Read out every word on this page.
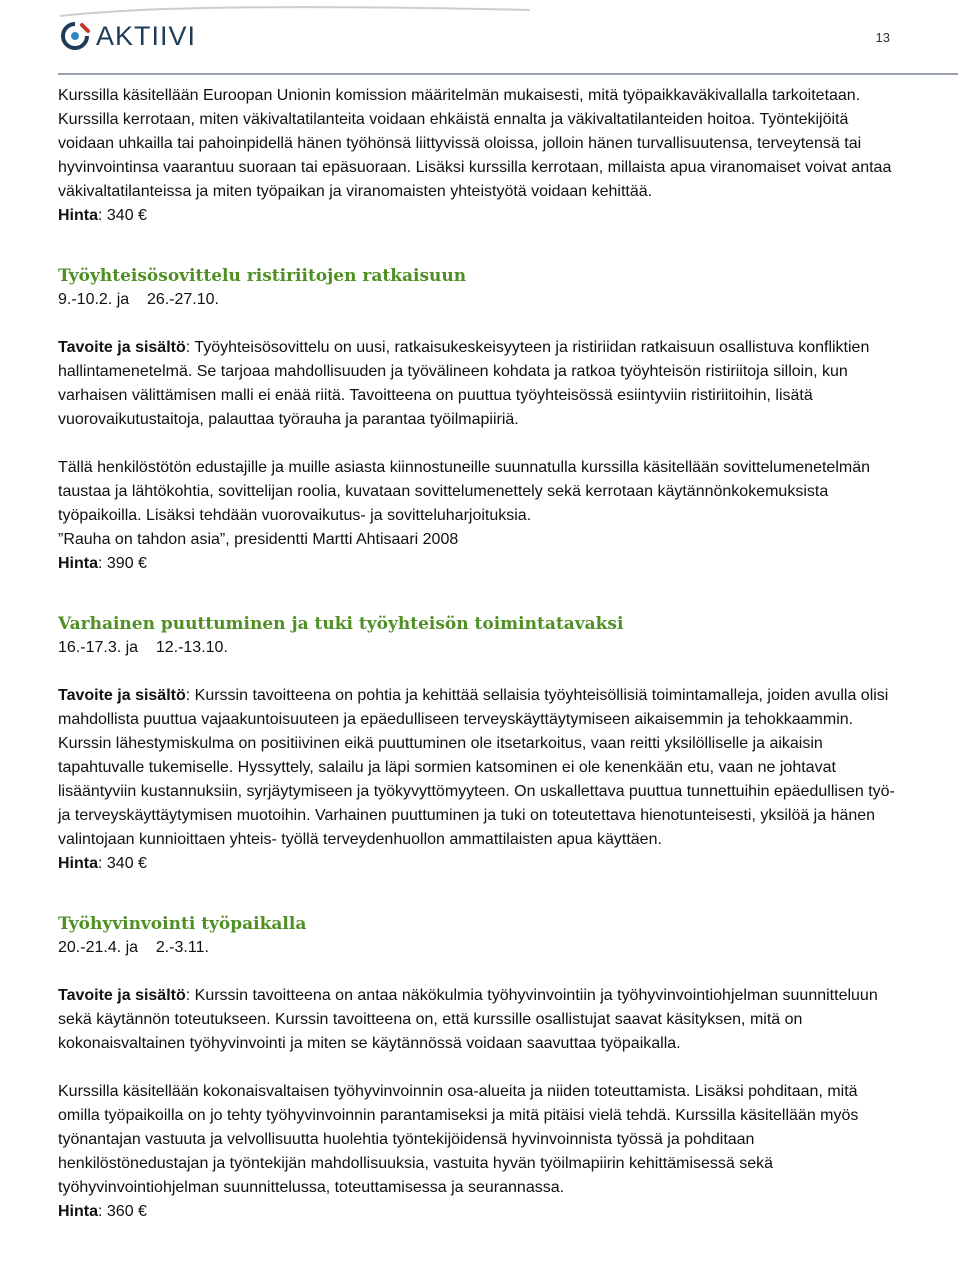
AKTIIVI	13

Kurssilla käsitellään Euroopan Unionin komission määritelmän mukaisesti, mitä työpaikkaväkivallalla tarkoitetaan. Kurssilla kerrotaan, miten väkivaltatilanteita voidaan ehkäistä ennalta ja väkivaltatilanteiden hoitoa. Työntekijöitä voidaan uhkailla tai pahoinpidellä hänen työhönsä liittyvissä oloissa, jolloin hänen turvallisuutensa, terveytensä tai hyvinvointinsa vaarantuu suoraan tai epäsuoraan. Lisäksi kurssilla kerrotaan, millaista apua viranomaiset voivat antaa väkivaltatilanteissa ja miten työpaikan ja viranomaisten yhteistyötä voidaan kehittää.

Hinta: 340 €

Työyhteisösovittelu ristiriitojen ratkaisuun

9.-10.2. ja    26.-27.10.

Tavoite ja sisältö: Työyhteisösovittelu on uusi, ratkaisukeskeisyyteen ja ristiriidan ratkaisuun osallistuva konfliktien hallintamenetelmä. Se tarjoaa mahdollisuuden ja työvälineen kohdata ja ratkoa työyhteisön ristiriitoja silloin, kun varhaisen välittämisen malli ei enää riitä. Tavoitteena on puuttua työyhteisössä esiintyviin ristiriitoihin, lisätä vuorovaikutustaitoja, palauttaa työrauha ja parantaa työilmapiiriä.

Tällä henkilöstötön edustajille ja muille asiasta kiinnostuneille suunnatulla kurssilla käsitellään sovittelumenetelmän taustaa ja lähtökohtia, sovittelijan roolia, kuvataan sovittelumenettely sekä kerrotaan käytännönkokemuksista työpaikoilla. Lisäksi tehdään vuorovaikutus- ja sovitteluharjoituksia.

”Rauha on tahdon asia”, presidentti Martti Ahtisaari 2008

Hinta: 390 €

Varhainen puuttuminen ja tuki työyhteisön toimintatavaksi

16.-17.3. ja    12.-13.10.

Tavoite ja sisältö: Kurssin tavoitteena on pohtia ja kehittää sellaisia työyhteisöllisiä toimintamalleja, joiden avulla olisi mahdollista puuttua vajaakuntoisuuteen ja epäedulliseen terveyskäyttäytymiseen aikaisemmin ja tehokkaammin. Kurssin lähestymiskulma on positiivinen eikä puuttuminen ole itsetarkoitus, vaan reitti yksilölliselle ja aikaisin tapahtuvalle tukemiselle. Hyssyttely, salailu ja läpi sormien katsominen ei ole kenenkään etu, vaan ne johtavat lisääntyviin kustannuksiin, syrjäytymiseen ja työkyvyttömyyteen. On uskallettava puuttua tunnettuihin epäedullisen työ- ja terveyskäyttäytymisen muotoihin. Varhainen puuttuminen ja tuki on toteutettava hienotunteisesti, yksilöä ja hänen valintojaan kunnioittaen yhteis- työllä terveydenhuollon ammattilaisten apua käyttäen.

Hinta: 340 €

Työhyvinvointi työpaikalla

20.-21.4. ja    2.-3.11.

Tavoite ja sisältö: Kurssin tavoitteena on antaa näkökulmia työhyvinvointiin ja työhyvinvointiohjelman suunnitteluun sekä käytännön toteutukseen. Kurssin tavoitteena on, että kurssille osallistujat saavat käsityksen, mitä on kokonaisvaltainen työhyvinvointi ja miten se käytännössä voidaan saavuttaa työpaikalla.

Kurssilla käsitellään kokonaisvaltaisen työhyvinvoinnin osa-alueita ja niiden toteuttamista. Lisäksi pohditaan, mitä omilla työpaikoilla on jo tehty työhyvinvoinnin parantamiseksi ja mitä pitäisi vielä tehdä. Kurssilla käsitellään myös työnantajan vastuuta ja velvollisuutta huolehtia työntekijöidensä hyvinvoinnista työssä ja pohditaan henkilöstönedustajan ja työntekijän mahdollisuuksia, vastuita hyvän työilmapiirin kehittämisessä sekä työhyvinvointiohjelman suunnittelussa, toteuttamisessa ja seurannassa.

Hinta: 360 €
